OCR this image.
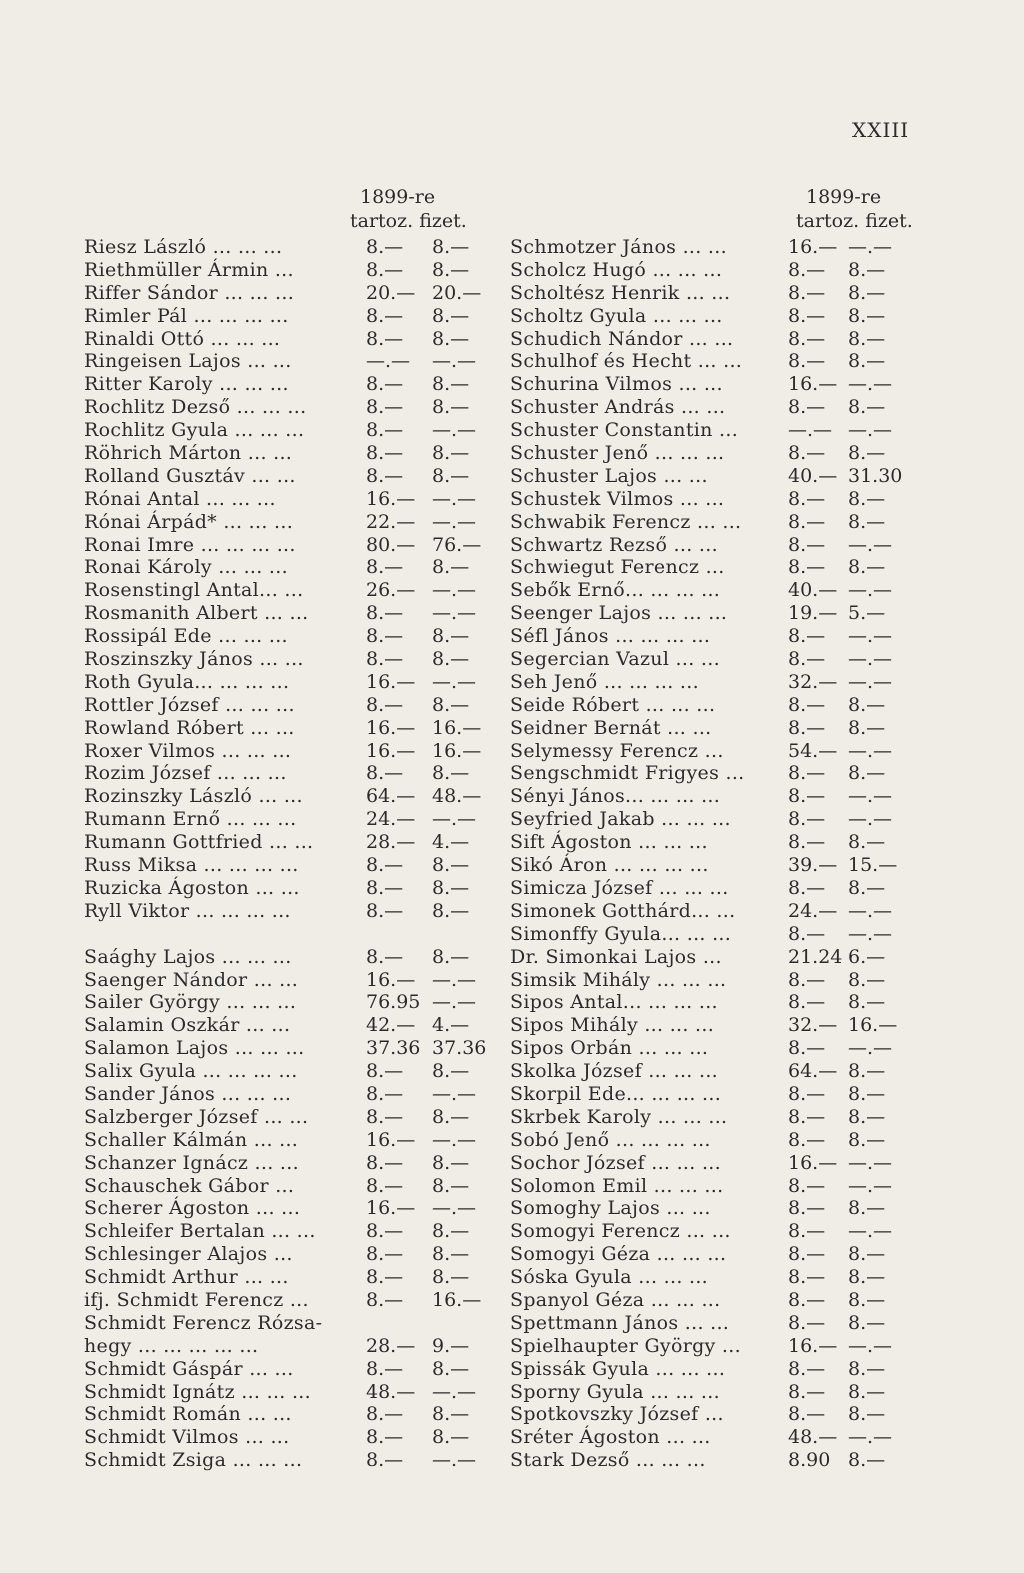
XXIII
1899-re
tartoz. fizet.
Riesz László ... ... ...	8.— 8.—
Riethmüller Ármin ...	8.— 8.—
Riffer Sándor ... ... ...	20.— 20.—
Rimler Pál ... ... ... ...	8.— 8.—
Rinaldi Ottó ... ... ...	8.— 8.—
Ringeisen Lajos ... ...	—.— —.—
Ritter Karoly ... ... ...	8.— 8.—
Rochlitz Dezső ... ... ...	8.— 8.—
Rochlitz Gyula ... ... ...	8.— —.—
Röhrich Márton ... ...	8.— 8.—
Rolland Gusztáv ... ...	8.— 8.—
Rónai Antal ... ... ...	16.— —.—
Rónai Árpád* ... ... ...	22.— —.—
Ronai Imre ... ... ... ...	80.— 76.—
Ronai Károly ... ... ...	8.— 8.—
Rosenstingl Antal... ...	26.— —.—
Rosmanith Albert ... ...	8.— —.—
Rossipál Ede ... ... ...	8.— 8.—
Roszinszky János ... ...	8.— 8.—
Roth Gyula... ... ... ...	16.— —.—
Rottler József ... ... ...	8.— 8.—
Rowland Róbert ... ...	16.— 16.—
Roxer Vilmos ... ... ...	16.— 16.—
Rozim József ... ... ...	8.— 8.—
Rozinszky László ... ...	64.— 48.—
Rumann Ernő ... ... ...	24.— —.—
Rumann Gottfried ... ...	28.— 4.—
Russ Miksa ... ... ... ...	8.— 8.—
Ruzicka Ágoston ... ...	8.— 8.—
Ryll Viktor ... ... ... ...	8.— 8.—
Saághy Lajos ... ... ...	8.— 8.—
Saenger Nándor ... ...	16.— —.—
Sailer György ... ... ...	76.95 —.—
Salamin Oszkár ... ...	42.— 4.—
Salamon Lajos ... ... ...	37.36 37.36
Salix Gyula ... ... ... ...	8.— 8.—
Sander János ... ... ...	8.— —.—
Salzberger József ... ...	8.— 8.—
Schaller Kálmán ... ...	16.— —.—
Schanzer Ignácz ... ...	8.— 8.—
Schauschek Gábor ...	8.— 8.—
Scherer Ágoston ... ...	16.— —.—
Schleifer Bertalan ... ...	8.— 8.—
Schlesinger Alajos ...	8.— 8.—
Schmidt Arthur ... ...	8.— 8.—
ifj. Schmidt Ferencz ...	8.— 16.—
Schmidt Ferencz Rózsa-
hegy ... ... ... ... ...	28.— 9.—
Schmidt Gáspár ... ...	8.— 8.—
Schmidt Ignátz ... ... ...	48.— —.—
Schmidt Román ... ...	8.— 8.—
Schmidt Vilmos ... ...	8.— 8.—
Schmidt Zsiga ... ... ...	8.— —.—
1899-re
tartoz. fizet.
Schmotzer János ... ...	16.— —.—
Scholcz Hugó ... ... ...	8.— 8.—
Scholtész Henrik ... ...	8.— 8.—
Scholtz Gyula ... ... ...	8.— 8.—
Schudich Nándor ... ...	8.— 8.—
Schulhof és Hecht ... ... 8.— 8.—
Schurina Vilmos ... ...	16.— —.—
Schuster András ... ...	8.— 8.—
Schuster Constantin ...	—.— —.—
Schuster Jenő ... ... ...	8.— 8.—
Schuster Lajos ... ...	40.— 31.30
Schustek Vilmos ... ...	8.— 8.—
Schwabik Ferencz ... ... 8.— 8.—
Schwartz Rezső ... ...	8.— —.—
Schwiegut Ferencz ...	8.— 8.—
Sebők Ernő... ... ... ...	40.— —.—
Seenger Lajos ... ... ...	19.— 5.—
Séfl János ... ... ... ...	8.— —.—
Segercian Vazul ... ...	8.— —.—
Seh Jenő ... ... ... ...	32.— —.—
Seide Róbert ... ... ...	8.— 8.—
Seidner Bernát ... ...	8.— 8.—
Selymessy Ferencz ...	54.— —.—
Sengschmidt Frigyes ... 8.— 8.—
Sényi János... ... ... ...	8.— —.—
Seyfried Jakab ... ... ...	8.— —.—
Sift Ágoston ... ... ...	8.— 8.—
Sikó Áron ... ... ... ...	39.— 15.—
Simicza József ... ... ...	8.— 8.—
Simonek Gotthárd... ...	24.— —.—
Simonffy Gyula... ... ...	8.— —.—
Dr. Simonkai Lajos ...	21.24 6.—
Simsik Mihály ... ... ...	8.— 8.—
Sipos Antal... ... ... ...	8.— 8.—
Sipos Mihály ... ... ...	32.— 16.—
Sipos Orbán ... ... ...	8.— —.—
Skolka József ... ... ...	64.— 8.—
Skorpil Ede... ... ... ...	8.— 8.—
Skrbek Karoly ... ... ...	8.— 8.—
Sobó Jenő ... ... ... ...	8.— 8.—
Sochor József ... ... ...	16.— —.—
Solomon Emil ... ... ...	8.— —.—
Somoghy Lajos ... ...	8.— 8.—
Somogyi Ferencz ... ...	8.— —.—
Somogyi Géza ... ... ...	8.— 8.—
Sóska Gyula ... ... ...	8.— 8.—
Spanyol Géza ... ... ...	8.— 8.—
Spettmann János ... ...	8.— 8.—
Spielhaupter György ... 16.— —.—
Spissák Gyula ... ... ...	8.— 8.—
Sporny Gyula ... ... ...	8.— 8.—
Spotkovszky József ...	8.— 8.—
Sréter Ágoston ... ...	48.— —.—
Stark Dezső ... ... ...	8.90 8.—
